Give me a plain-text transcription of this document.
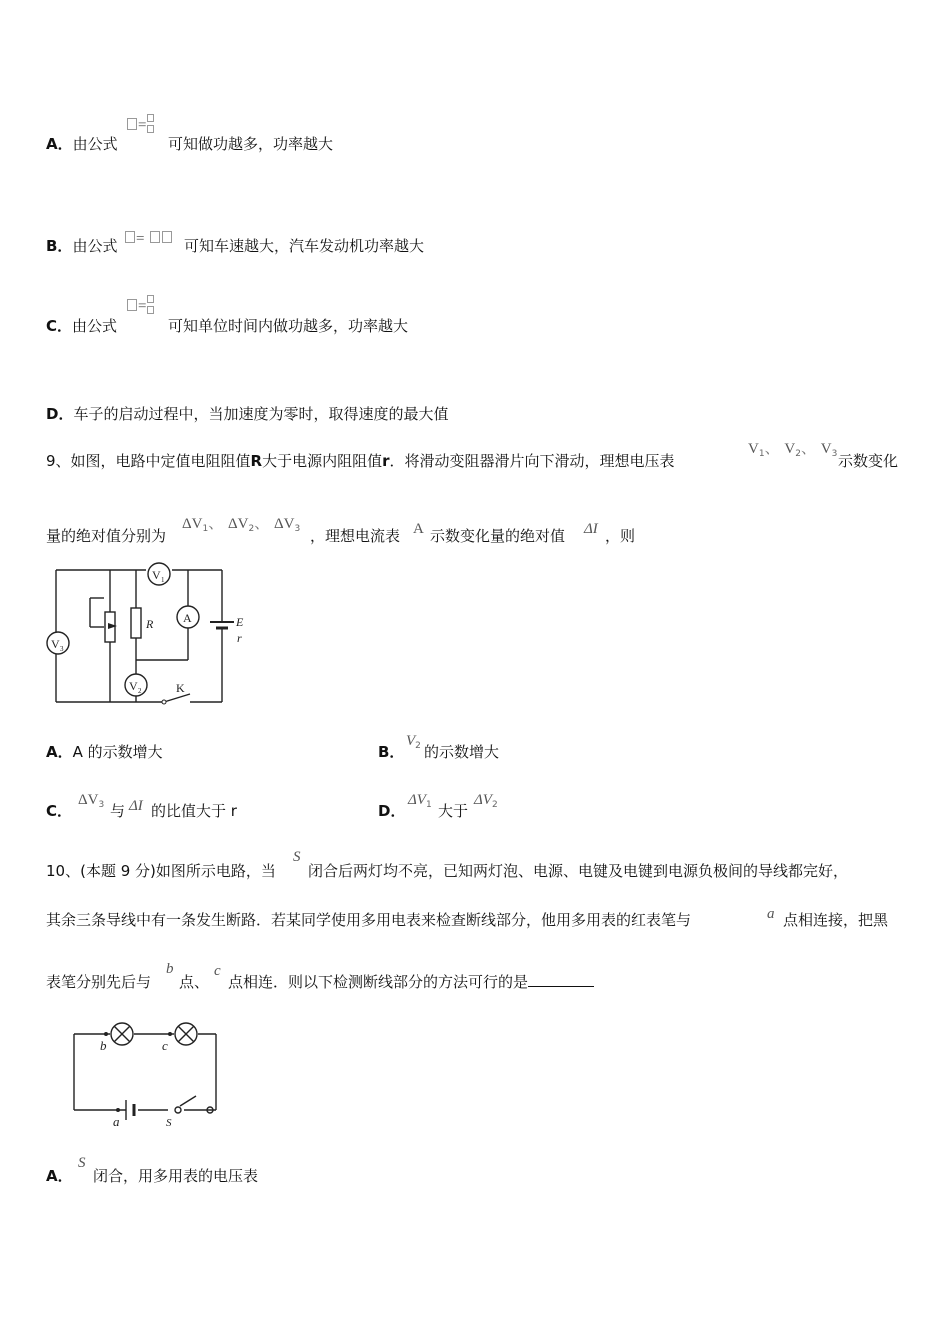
A．由公式
=

可知做功越多，功率越大
B．由公式	=	可知车速越大，汽车发动机功率越大
C．由公式
=

可知单位时间内做功越多，功率越大
D．车子的启动过程中，当加速度为零时，取得速度的最大值
9、如图，电路中定值电阻阻值R大于电源内阻阻值r．将滑动变阻器滑片向下滑动，理想电压表
$V_1$、 $V_2$、 $V_3$ 示数变化
量的绝对值分别为
$\Delta V_1$、 $\Delta V_2$、 $\Delta V_3$ ，理想电流表 A 示数变化量的绝对值 ΔI ，则
V 1
A
V 3
V 2
R	E
r
K
A．A 的示数增大	B．
$V_2$ 的示数增大
C．
$\Delta V_3$ 与 ΔI 的比值大于 r	D．
$\Delta V_1$ 大于
$\Delta V_2$
10、(本题 9 分)如图所示电路，当
S
闭合后两灯均不亮，已知两灯泡、电源、电键及电键到电源负极间的导线都完好，
其余三条导线中有一条发生断路．若某同学使用多用电表来检查断线部分，他用多用表的红表笔与	a 点相连接，把黑
表笔分别先后与
b
点、
c
点相连．则以下检测断线部分的方法可行的是
b	c
a	S
A．
S
闭合，用多用表的电压表
